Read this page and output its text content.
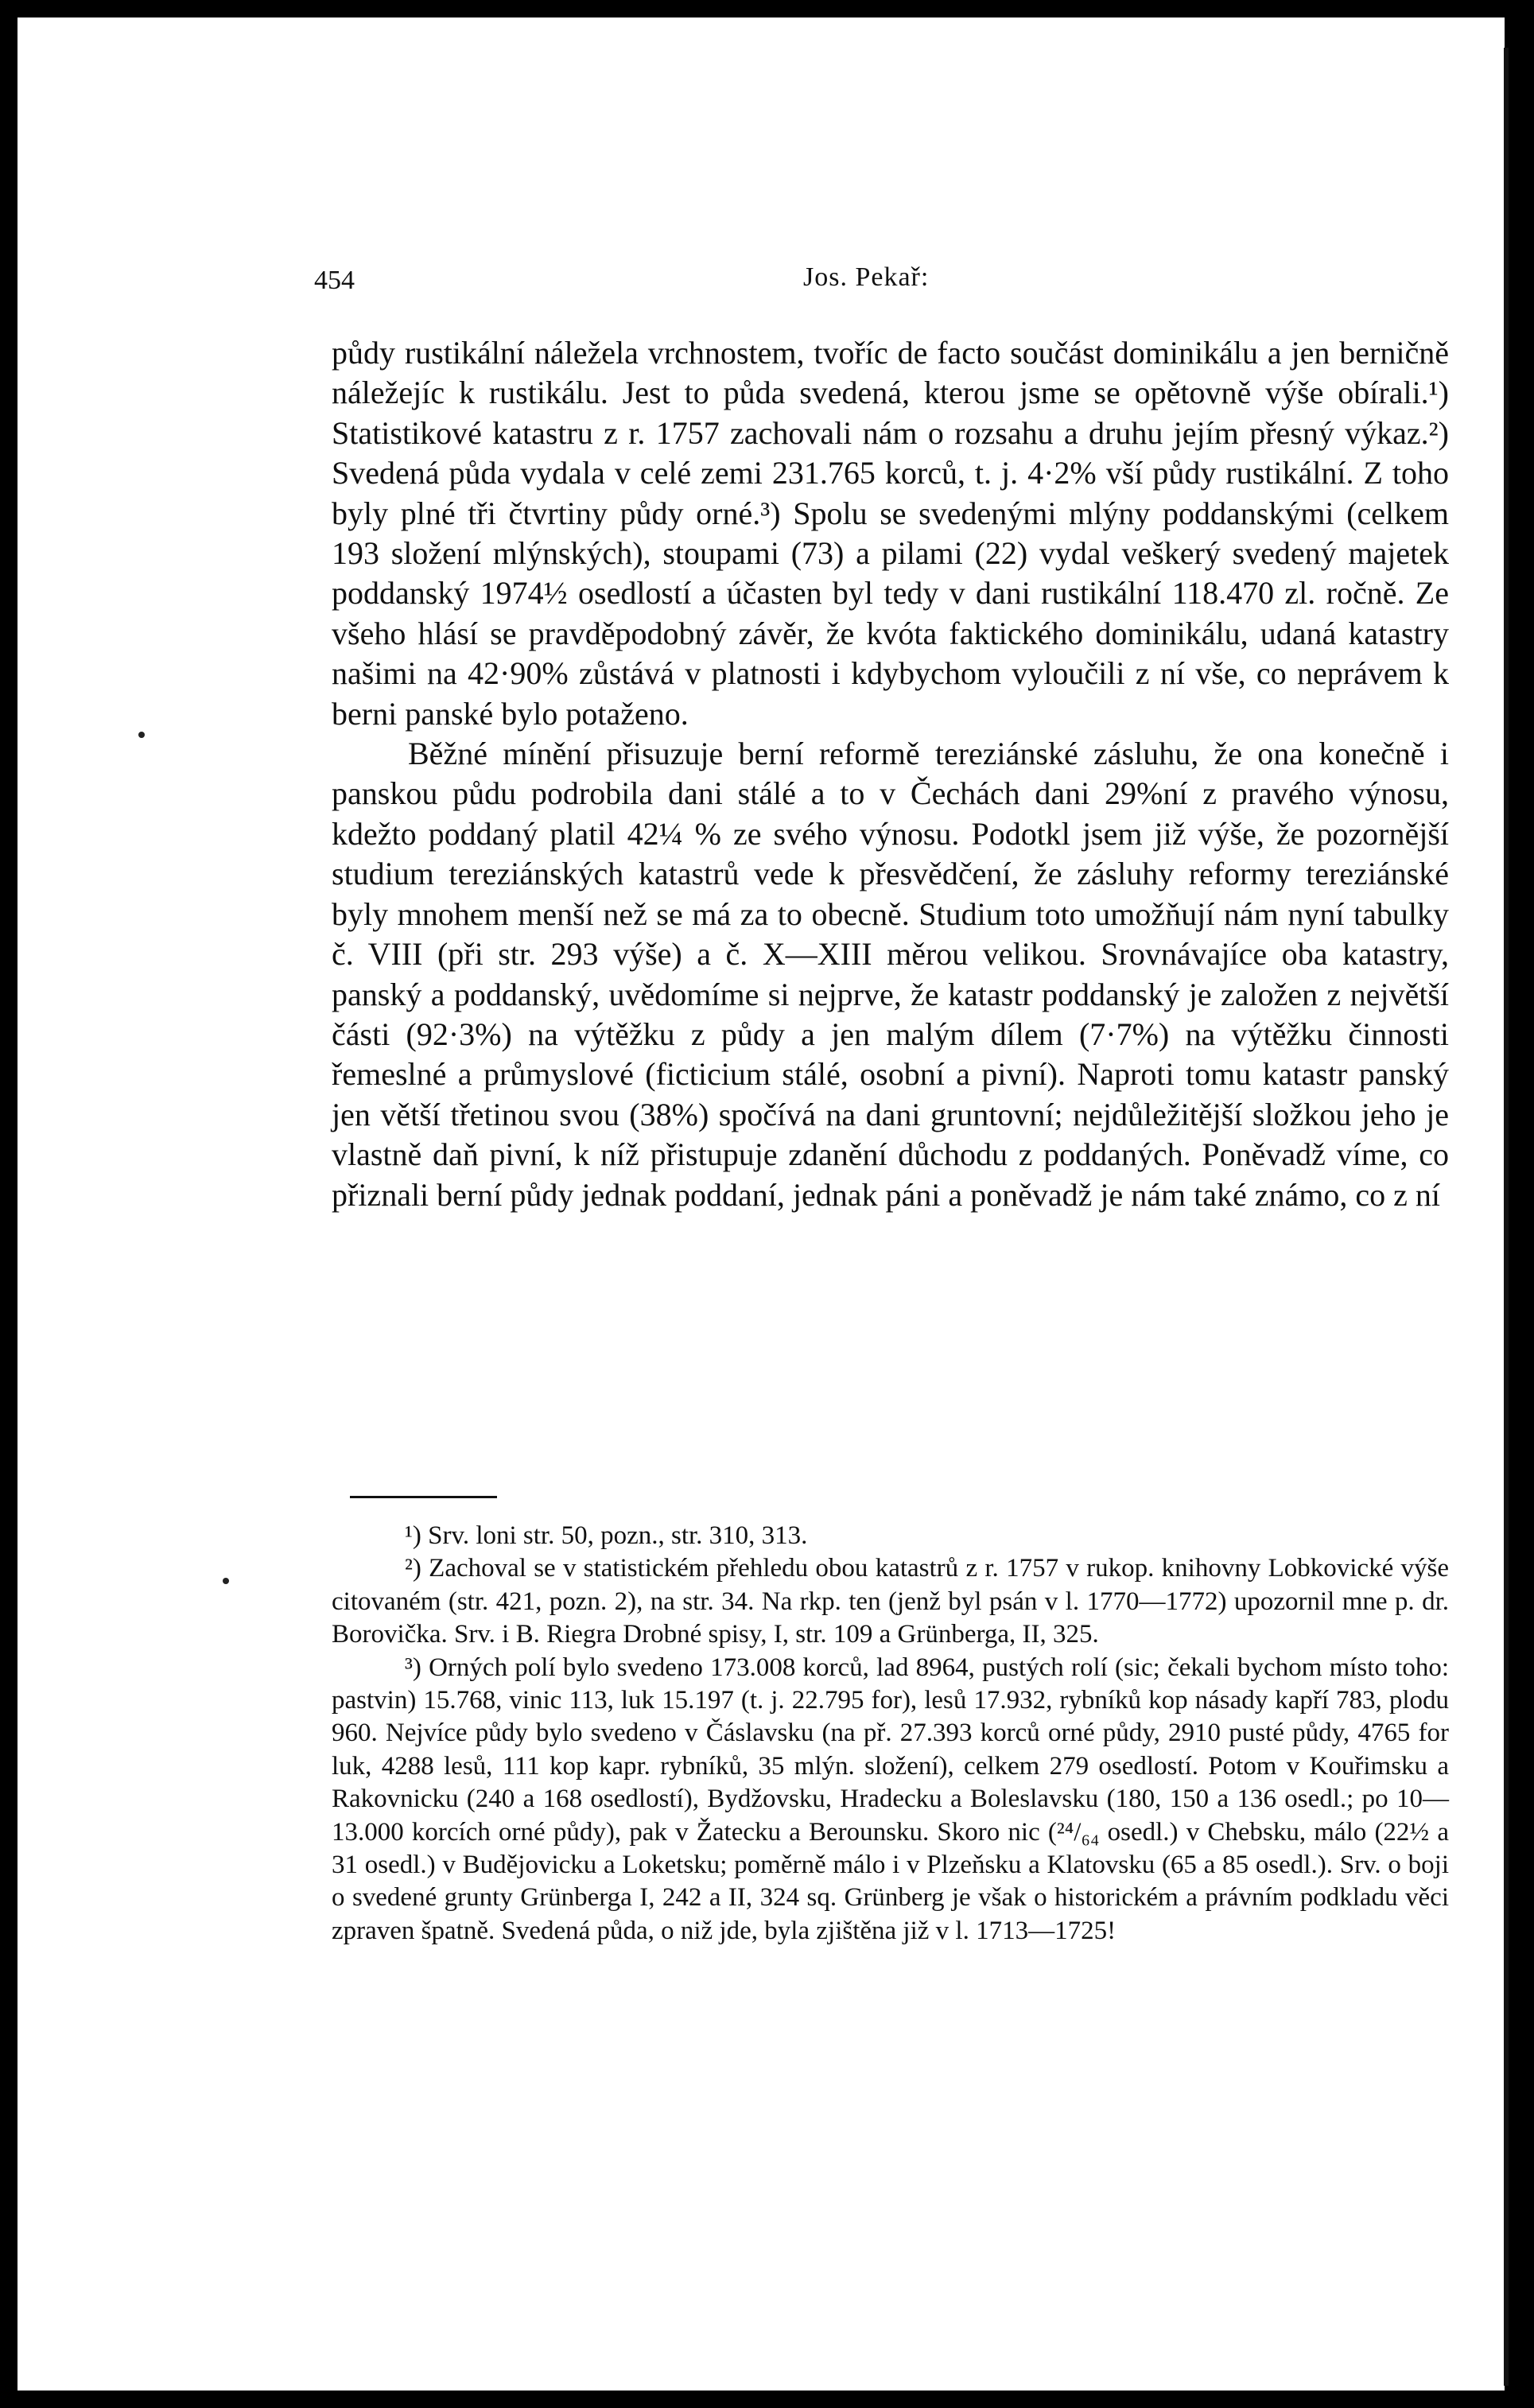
454	Jos. Pekař:

půdy rustikální náležela vrchnostem, tvoříc de facto součást dominikálu a jen berničně náležejíc k rustikálu. Jest to půda svedená, kterou jsme se opětovně výše obírali.¹) Statistikové katastru z r. 1757 zachovali nám o rozsahu a druhu jejím přesný výkaz.²) Svedená půda vydala v celé zemi 231.765 korců, t. j. 4·2% vší půdy rustikální. Z toho byly plné tři čtvrtiny půdy orné.³) Spolu se svedenými mlýny poddanskými (celkem 193 složení mlýnských), stoupami (73) a pilami (22) vydal veškerý svedený majetek poddanský 1974½ osedlostí a účasten byl tedy v dani rustikální 118.470 zl. ročně. Ze všeho hlásí se pravděpodobný závěr, že kvóta faktického dominikálu, udaná katastry našimi na 42·90% zůstává v platnosti i kdybychom vyloučili z ní vše, co neprávem k berni panské bylo potaženo.

Běžné mínění přisuzuje berní reformě tereziánské zásluhu, že ona konečně i panskou půdu podrobila dani stálé a to v Čechách dani 29%ní z pravého výnosu, kdežto poddaný platil 42¼ % ze svého výnosu. Podotkl jsem již výše, že pozornější studium tereziánských katastrů vede k přesvědčení, že zásluhy reformy tereziánské byly mnohem menší než se má za to obecně. Studium toto umožňují nám nyní tabulky č. VIII (při str. 293 výše) a č. X—XIII měrou velikou. Srovnávajíce oba katastry, panský a poddanský, uvědomíme si nejprve, že katastr poddanský je založen z největší části (92·3%) na výtěžku z půdy a jen malým dílem (7·7%) na výtěžku činnosti řemeslné a průmyslové (ficticium stálé, osobní a pivní). Naproti tomu katastr panský jen větší třetinou svou (38%) spočívá na dani gruntovní; nejdůležitější složkou jeho je vlastně daň pivní, k níž přistupuje zdanění důchodu z poddaných. Poněvadž víme, co přiznali berní půdy jednak poddaní, jednak páni a poněvadž je nám také známo, co z ní

¹) Srv. loni str. 50, pozn., str. 310, 313.

²) Zachoval se v statistickém přehledu obou katastrů z r. 1757 v rukop. knihovny Lobkovické výše citovaném (str. 421, pozn. 2), na str. 34. Na rkp. ten (jenž byl psán v l. 1770—1772) upozornil mne p. dr. Borovička. Srv. i B. Riegra Drobné spisy, I, str. 109 a Grünberga, II, 325.

³) Orných polí bylo svedeno 173.008 korců, lad 8964, pustých rolí (sic; čekali bychom místo toho: pastvin) 15.768, vinic 113, luk 15.197 (t. j. 22.795 for), lesů 17.932, rybníků kop násady kapří 783, plodu 960. Nejvíce půdy bylo svedeno v Čáslavsku (na př. 27.393 korců orné půdy, 2910 pusté půdy, 4765 for luk, 4288 lesů, 111 kop kapr. rybníků, 35 mlýn. složení), celkem 279 osedlostí. Potom v Kouřimsku a Rakovnicku (240 a 168 osedlostí), Bydžovsku, Hradecku a Boleslavsku (180, 150 a 136 osedl.; po 10—13.000 korcích orné půdy), pak v Žatecku a Berounsku. Skoro nic (²⁴/₆₄ osedl.) v Chebsku, málo (22½ a 31 osedl.) v Budějovicku a Loketsku; poměrně málo i v Plzeňsku a Klatovsku (65 a 85 osedl.). Srv. o boji o svedené grunty Grünberga I, 242 a II, 324 sq. Grünberg je však o historickém a právním podkladu věci zpraven špatně. Svedená půda, o niž jde, byla zjištěna již v l. 1713—1725!
